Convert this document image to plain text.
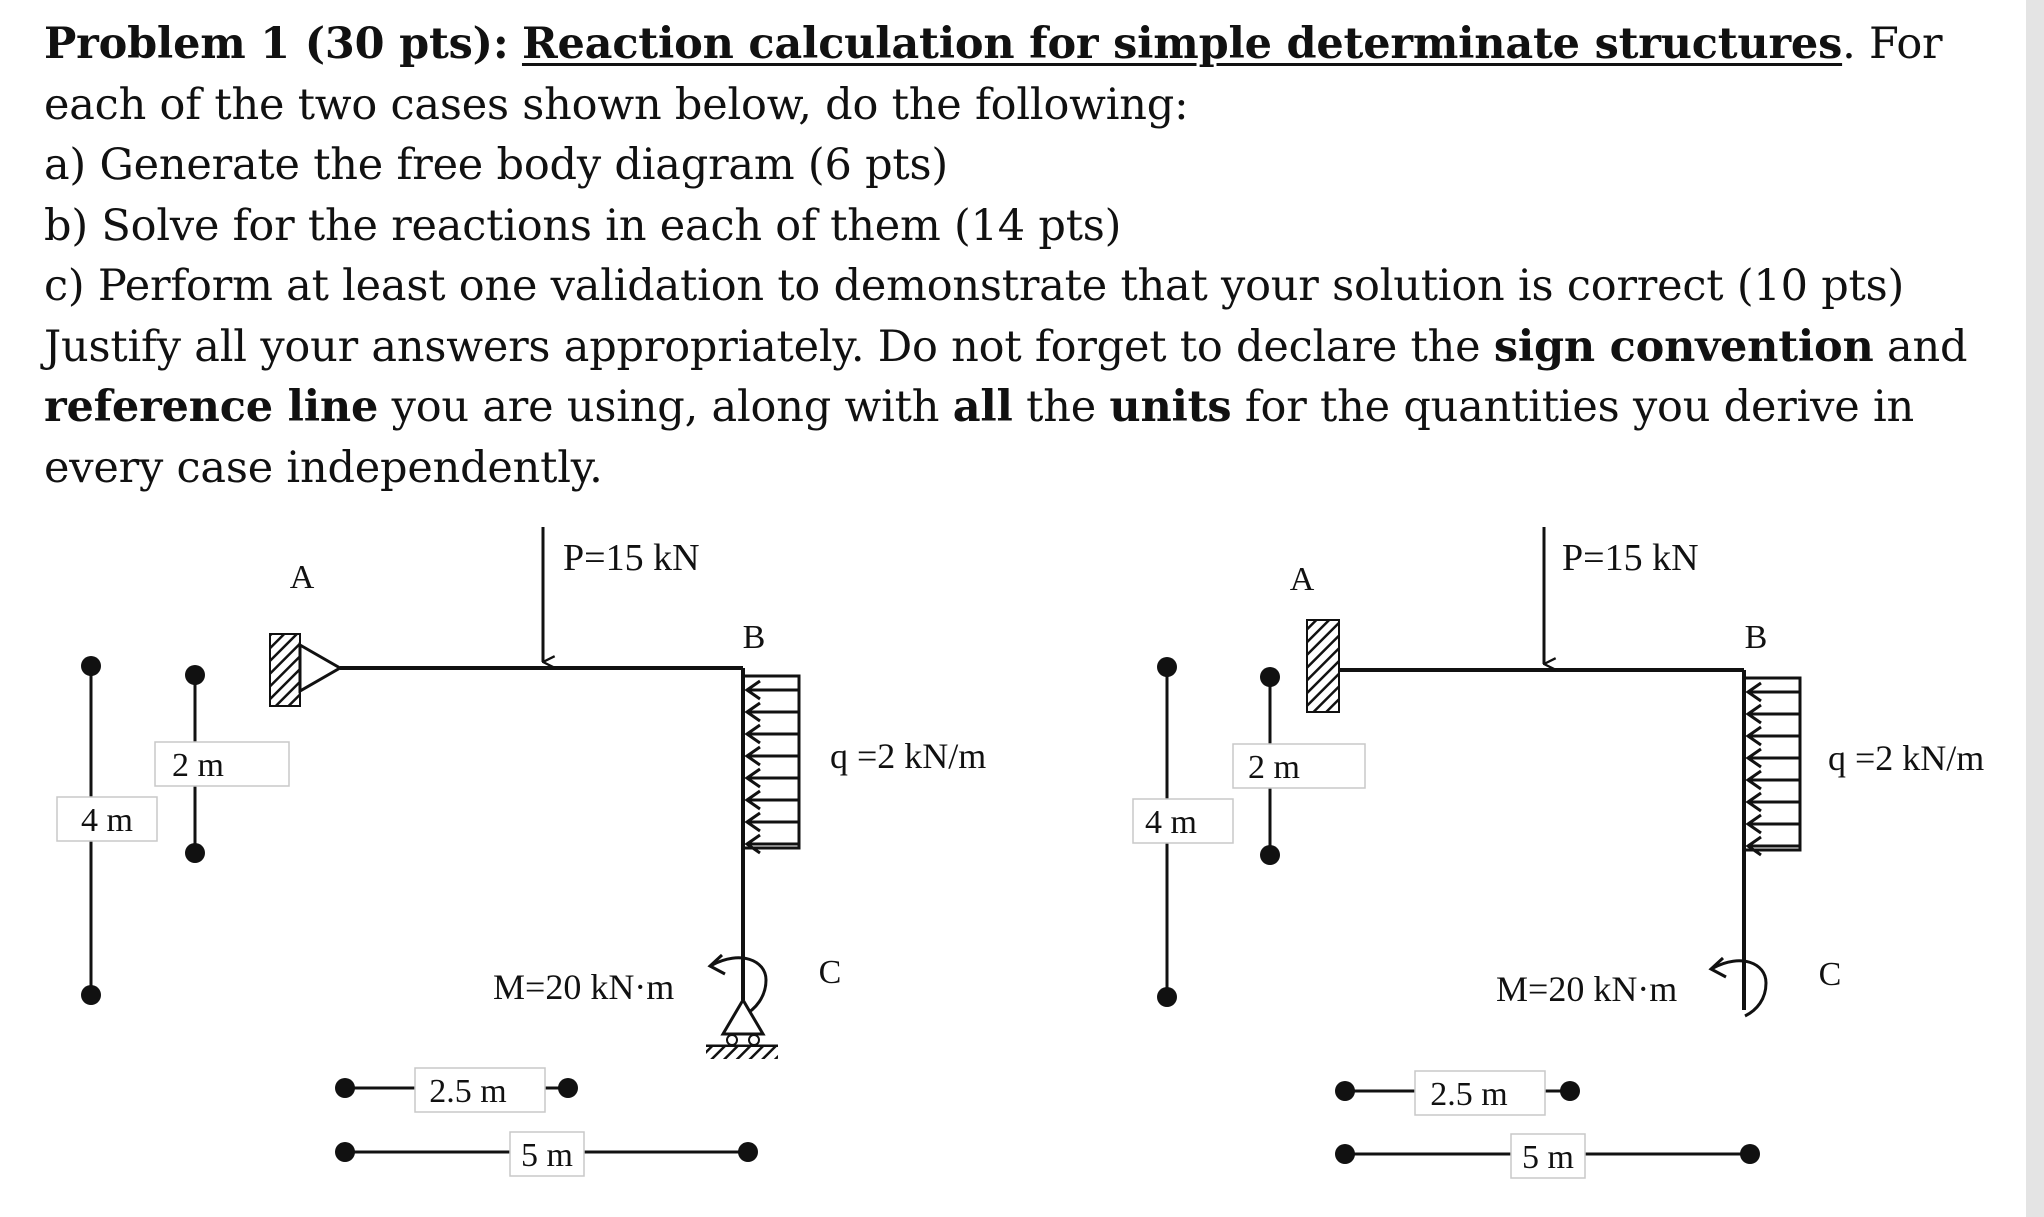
Problem 1 (30 pts): Reaction calculation for simple determinate structures. For

each of the two cases shown below, do the following:

a) Generate the free body diagram (6 pts)

b) Solve for the reactions in each of them (14 pts)

c) Perform at least one validation to demonstrate that your solution is correct (10 pts)

Justify all your answers appropriately. Do not forget to declare the sign convention and

reference line you are using, along with all the units for the quantities you derive in

every case independently.

4 m
2 m
A
B
P=15 kN
q =2 kN/m
M=20 kN·m	C
2.5 m
5 m
4 m
2 m
A
B
P=15 kN
q =2 kN/m
M=20 kN·m	C
2.5 m
5 m
